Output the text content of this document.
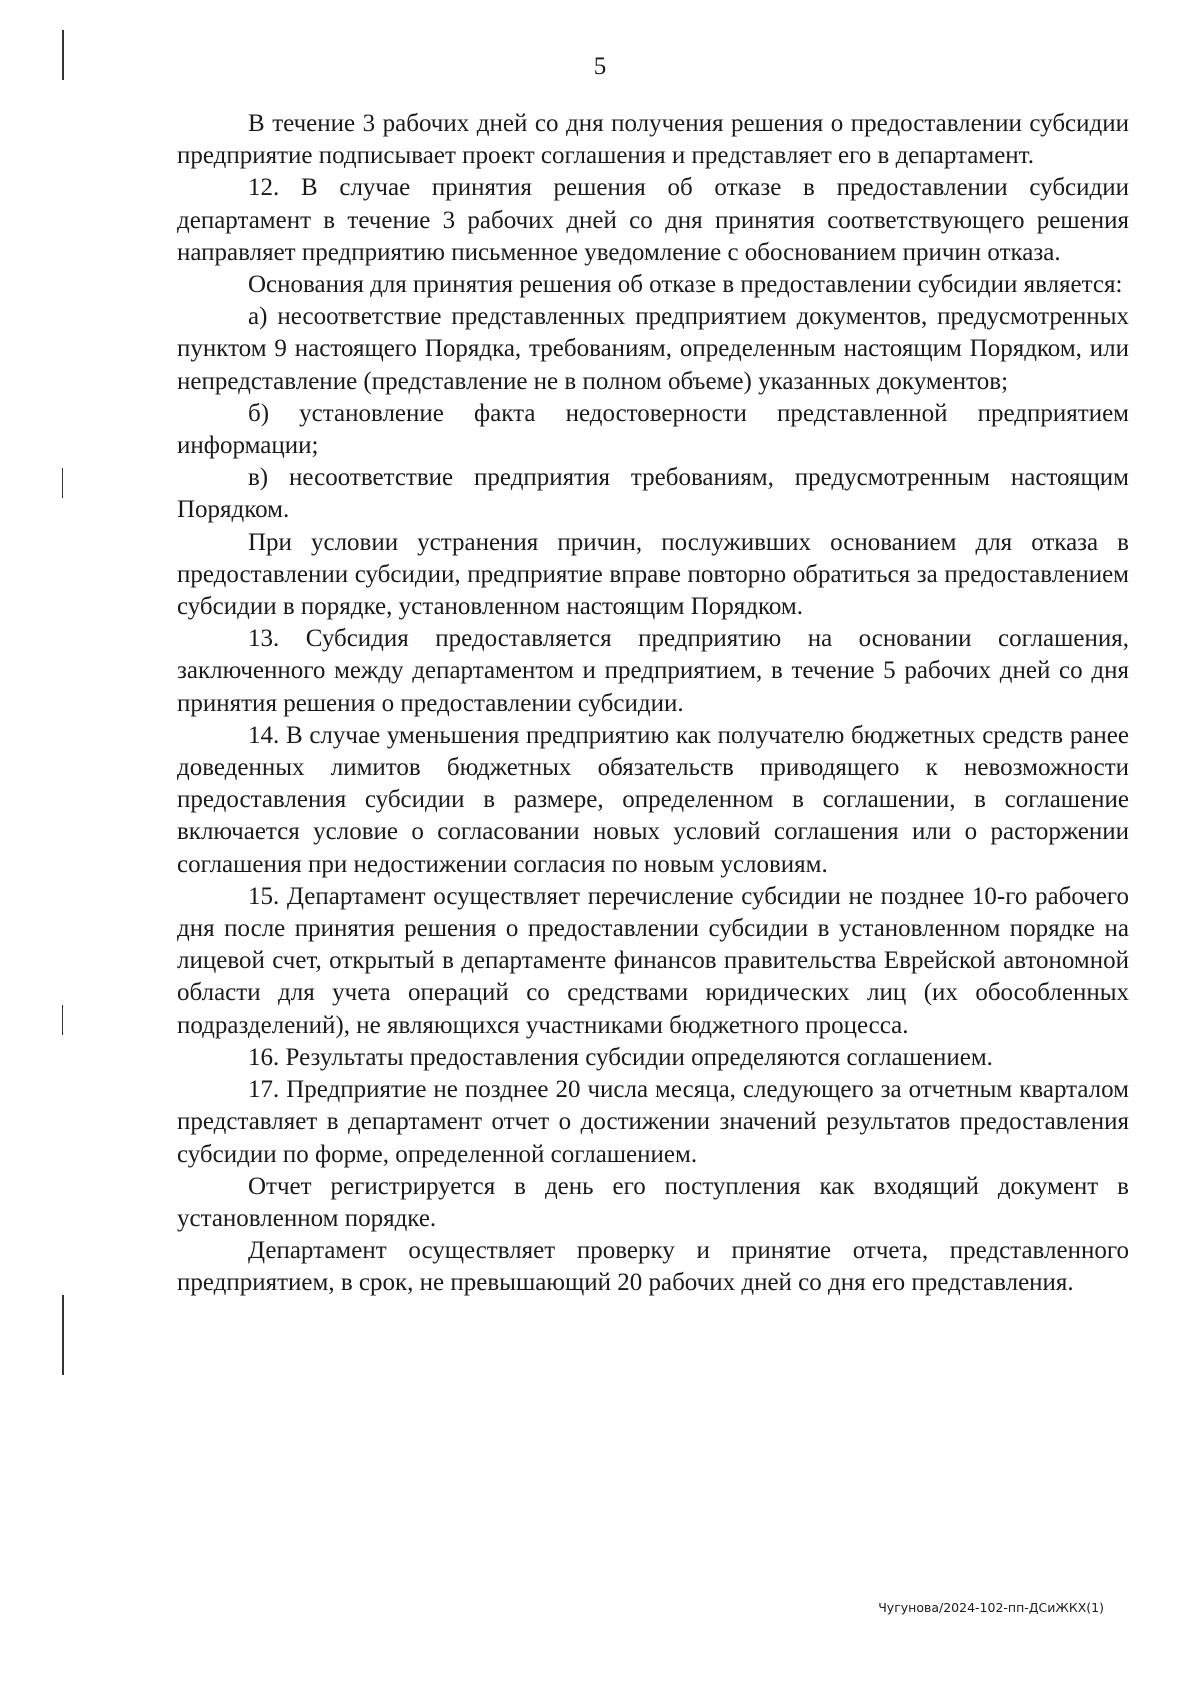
5

В течение 3 рабочих дней со дня получения решения о предоставлении субсидии предприятие подписывает проект соглашения и представляет его в департамент.

12. В случае принятия решения об отказе в предоставлении субсидии департамент в течение 3 рабочих дней со дня принятия соответствующего решения направляет предприятию письменное уведомление с обоснованием причин отказа.

Основания для принятия решения об отказе в предоставлении субсидии является:

а) несоответствие представленных предприятием документов, предусмотренных пунктом 9 настоящего Порядка, требованиям, определенным настоящим Порядком, или непредставление (представление не в полном объеме) указанных документов;

б) установление факта недостоверности представленной предприятием информации;

в) несоответствие предприятия требованиям, предусмотренным настоящим Порядком.

При условии устранения причин, послуживших основанием для отказа в предоставлении субсидии, предприятие вправе повторно обратиться за предоставлением субсидии в порядке, установленном настоящим Порядком.

13. Субсидия предоставляется предприятию на основании соглашения, заключенного между департаментом и предприятием, в течение 5 рабочих дней со дня принятия решения о предоставлении субсидии.

14. В случае уменьшения предприятию как получателю бюджетных средств ранее доведенных лимитов бюджетных обязательств приводящего к невозможности предоставления субсидии в размере, определенном в соглашении, в соглашение включается условие о согласовании новых условий соглашения или о расторжении соглашения при недостижении согласия по новым условиям.

15. Департамент осуществляет перечисление субсидии не позднее 10-го рабочего дня после принятия решения о предоставлении субсидии в установленном порядке на лицевой счет, открытый в департаменте финансов правительства Еврейской автономной области для учета операций со средствами юридических лиц (их обособленных подразделений), не являющихся участниками бюджетного процесса.

16. Результаты предоставления субсидии определяются соглашением.

17. Предприятие не позднее 20 числа месяца, следующего за отчетным кварталом представляет в департамент отчет о достижении значений результатов предоставления субсидии по форме, определенной соглашением.

Отчет регистрируется в день его поступления как входящий документ в установленном порядке.

Департамент осуществляет проверку и принятие отчета, представленного предприятием, в срок, не превышающий 20 рабочих дней со дня его представления.

Чугунова/2024-102-пп-ДСиЖКХ(1)
